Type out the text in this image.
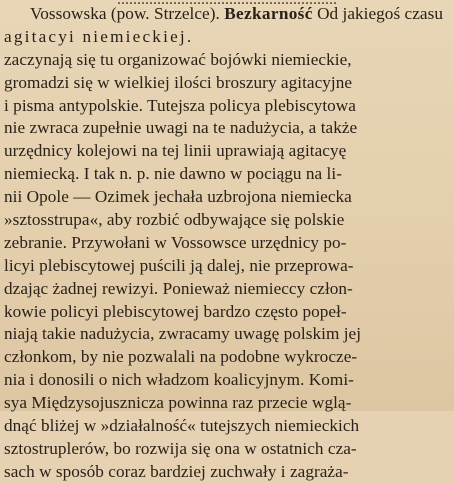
Vossowska (pow. Strzelce). Bezkarność Od jakiegoś czasu
agitacyi niemieckiej.
zaczynają się tu organizować bojówki niemieckie,
gromadzi się w wielkiej ilości broszury agitacyjne
i pisma antypolskie. Tutejsza policya plebiscytowa
nie zwraca zupełnie uwagi na te nadużycia, a także
urzędnicy kolejowi na tej linii uprawiają agitacyę
niemiecką. I tak n. p. nie dawno w pociągu na li-
nii Opole — Ozimek jechała uzbrojona niemiecka
»sztosstrupa«, aby rozbić odbywające się polskie
zebranie. Przywołani w Vossowsce urzędnicy po-
licyi plebiscytowej puścili ją dalej, nie przeprowa-
dzając żadnej rewizyi. Ponieważ niemieccy człon-
kowie policyi plebiscytowej bardzo często popeł-
niają takie nadużycia, zwracamy uwagę polskim jej
członkom, by nie pozwalali na podobne wykrocze-
nia i donosili o nich władzom koalicyjnym. Komi-
sya Międzysojusznicza powinna raz przecie wglą-
dnąć bliżej w »działalność« tutejszych niemieckich
sztostruplerów, bo rozwija się ona w ostatnich cza-
sach w sposób coraz bardziej zuchwały i zagraża-
